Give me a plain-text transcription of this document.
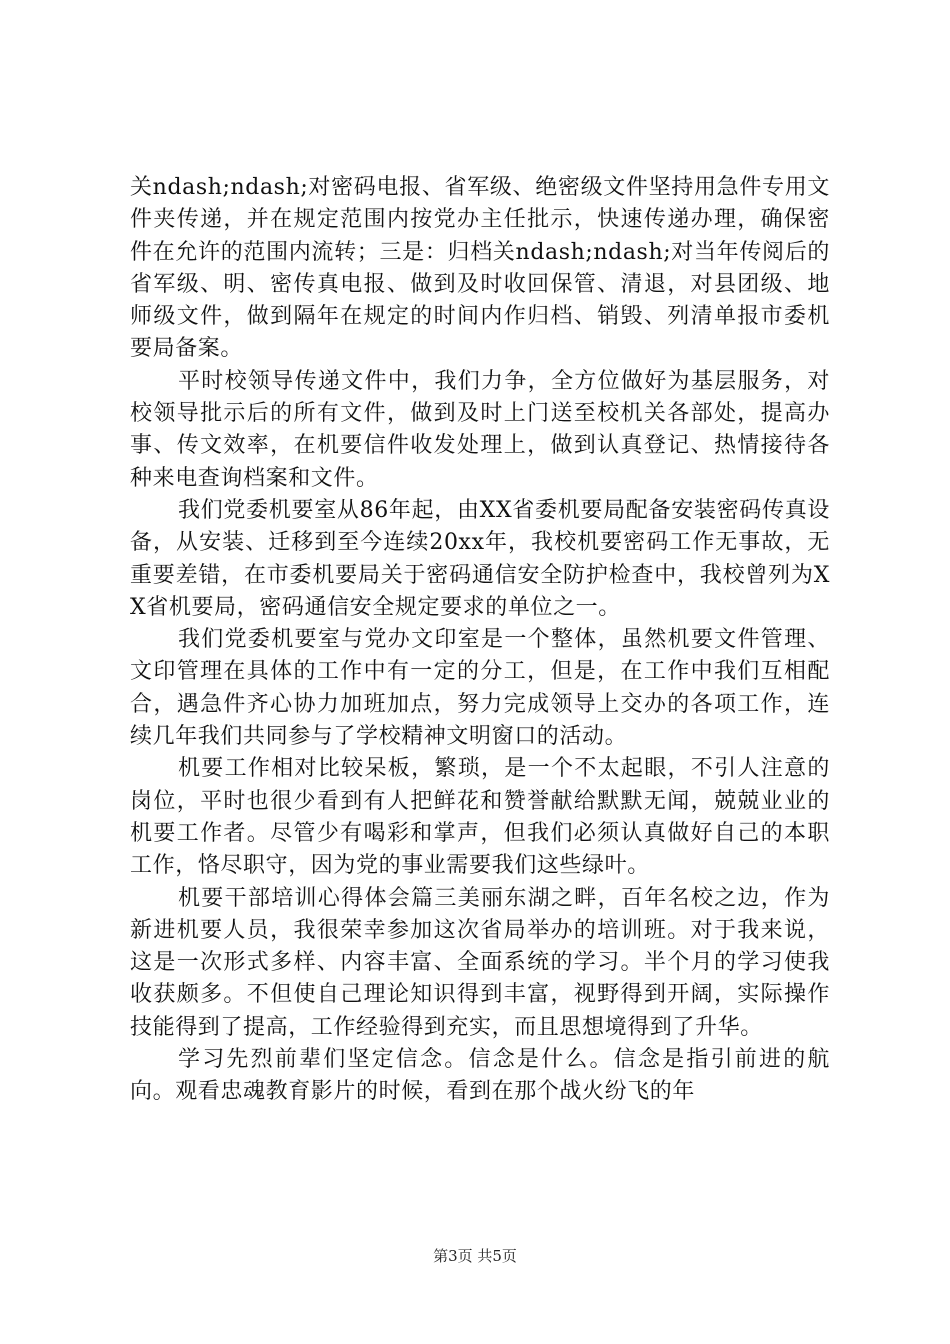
关ndash;ndash;对密码电报、省军级、绝密级文件坚持用急件专用文件夹传递，并在规定范围内按党办主任批示，快速传递办理，确保密件在允许的范围内流转；三是：归档关ndash;ndash;对当年传阅后的省军级、明、密传真电报、做到及时收回保管、清退，对县团级、地师级文件，做到隔年在规定的时间内作归档、销毁、列清单报市委机要局备案。

平时校领导传递文件中，我们力争，全方位做好为基层服务，对校领导批示后的所有文件，做到及时上门送至校机关各部处，提高办事、传文效率，在机要信件收发处理上，做到认真登记、热情接待各种来电查询档案和文件。

我们党委机要室从86年起，由XX省委机要局配备安装密码传真设备，从安装、迁移到至今连续20xx年，我校机要密码工作无事故，无重要差错，在市委机要局关于密码通信安全防护检查中，我校曾列为XX省机要局，密码通信安全规定要求的单位之一。

我们党委机要室与党办文印室是一个整体，虽然机要文件管理、文印管理在具体的工作中有一定的分工，但是，在工作中我们互相配合，遇急件齐心协力加班加点，努力完成领导上交办的各项工作，连续几年我们共同参与了学校精神文明窗口的活动。

机要工作相对比较呆板，繁琐，是一个不太起眼，不引人注意的岗位，平时也很少看到有人把鲜花和赞誉献给默默无闻，兢兢业业的机要工作者。尽管少有喝彩和掌声，但我们必须认真做好自己的本职工作，恪尽职守，因为党的事业需要我们这些绿叶。

机要干部培训心得体会篇三美丽东湖之畔，百年名校之边，作为新进机要人员，我很荣幸参加这次省局举办的培训班。对于我来说，这是一次形式多样、内容丰富、全面系统的学习。半个月的学习使我收获颇多。不但使自己理论知识得到丰富，视野得到开阔，实际操作技能得到了提高，工作经验得到充实，而且思想境得到了升华。

学习先烈前辈们坚定信念。信念是什么。信念是指引前进的航向。观看忠魂教育影片的时候，看到在那个战火纷飞的年

第3页 共5页
